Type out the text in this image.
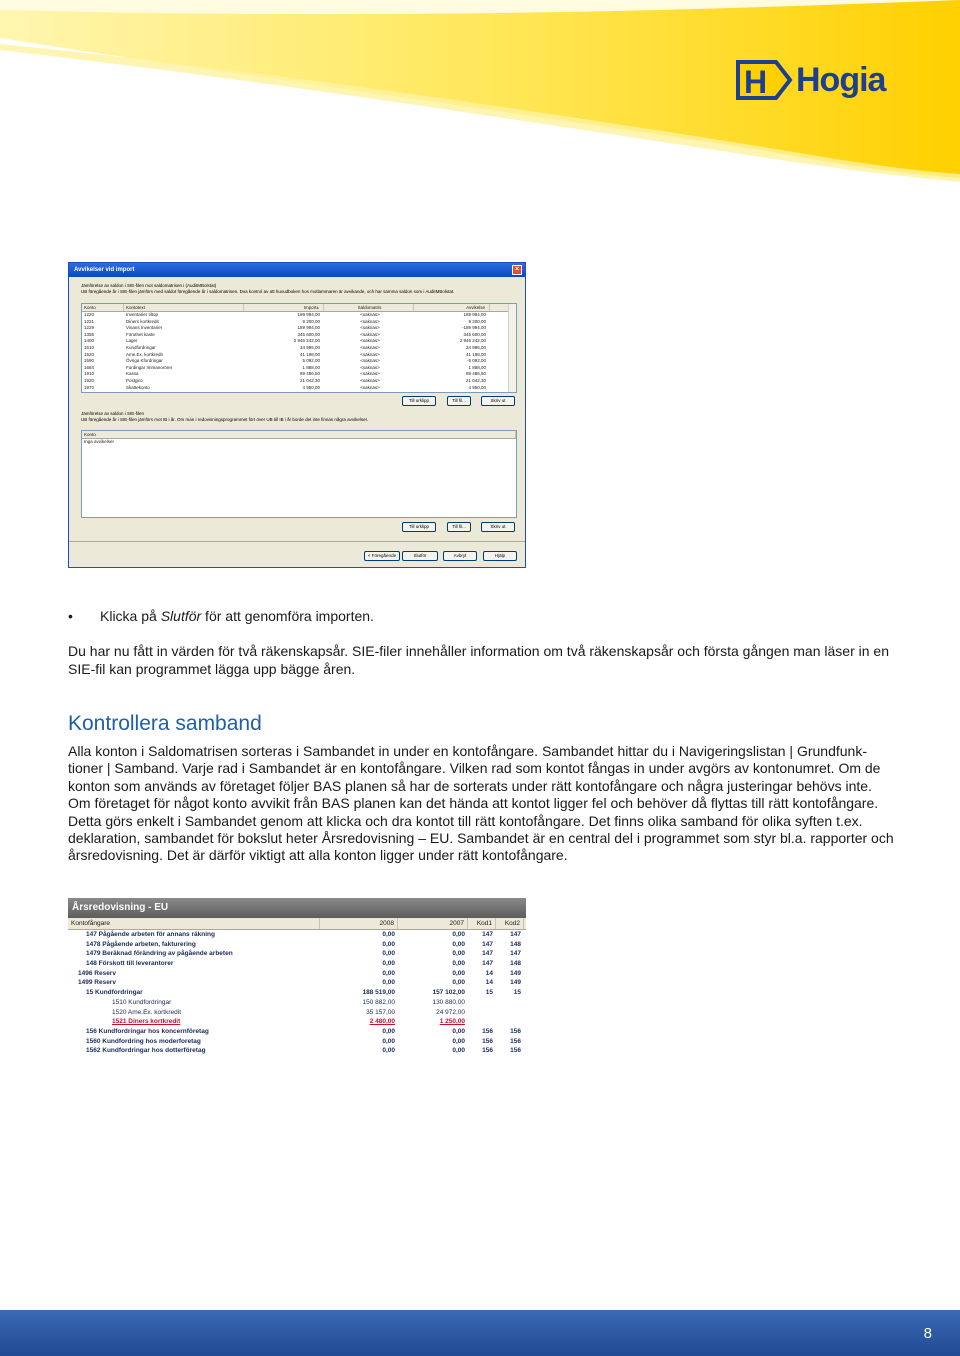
H Hogia
Avvikelser vid import	×
Jämförelse av saldon i SIE-filen mot saldomatrisen i (AuditMBolstat)
UB föregående år i SIE-filen jämförs med saldot föregående år i saldomatrisen. Dva kontrol av att huvudboken hos motlammaren är avvikande, och har samma saldon som i AuditMBolstat.
Konto	Kontotext	Import±	Saldomatris	Avvikelse
1220	Inventarier tiltop	189 994,00	<saknas>	189 994,00
1221	Diners kortkredit	9 200,00	<saknas>	9 200,00
1229	Vinans Inventarier	189 994,00	<saknas>	-189 994,00
1355	Föruthet kaste	345 600,00	<saknas>	345 600,00
1400	Lager	2 946 242,00	<saknas>	2 946 242,00
1510	Kundfordringar	34 995,00	<saknas>	34 995,00
1520	Ame.Ex. kortkredit	41 198,00	<saknas>	41 198,00
1590	Övriga Kfordringar	5 092,00	<saknas>	-5 092,00
1684	Fordingar Immanorörer	1 888,00	<saknas>	1 888,00
1910	Kassa	89 486,50	<saknas>	89 486,50
1920	Postgiro	21 042,30	<saknas>	21 042,30
1970	Skattekonto	4 950,00	<saknas>	4 950,00
Till urklipp	Till fil...	Skriv ut
Jämförelse av saldon i SIE-filen
UB föregående år i SIE-filen jämförs mot IB i år. Om man i redovisningsprogrammet fört över UB till IB i år borde det inte finnas några avvikelser.
Konto
Inga avvikelser
Till urklipp	Till fil...	Skriv ut
< Föregående	Slutför	Avbryt	Hjälp
• Klicka på Slutför för att genomföra importen.

Du har nu fått in värden för två räkenskapsår. SIE-filer innehåller information om två räkenskapsår och första gången man läser in en SIE-fil kan programmet lägga upp bägge åren.

Kontrollera samband

Alla konton i Saldomatrisen sorteras i Sambandet in under en kontofångare. Sambandet hittar du i Navigeringslistan | Grundfunk-tioner | Samband. Varje rad i Sambandet är en kontofångare. Vilken rad som kontot fångas in under avgörs av kontonumret. Om de konton som används av företaget följer BAS planen så har de sorterats under rätt kontofångare och några justeringar behövs inte. Om företaget för något konto avvikit från BAS planen kan det hända att kontot ligger fel och behöver då flyttas till rätt kontofångare. Detta görs enkelt i Sambandet genom att klicka och dra kontot till rätt kontofångare. Det finns olika samband för olika syften t.ex. deklaration, sambandet för bokslut heter Årsredovisning – EU. Sambandet är en central del i programmet som styr bl.a. rapporter och årsredovisning. Det är därför viktigt att alla konton ligger under rätt kontofångare.

Årsredovisning - EU
Kontofångare	2008	2007	Kod1	Kod2
147 Pågående arbeten för annans räkning	0,00	0,00	147	147
1478 Pågående arbeten, fakturering	0,00	0,00	147	148
1479 Beräknad förändring av pågående arbeten	0,00	0,00	147	147
148 Förskott till leverantorer	0,00	0,00	147	148
1496 Reserv	0,00	0,00	14	149
1499 Reserv	0,00	0,00	14	149
15 Kundfordringar	188 519,00	157 102,00	15	15
1510 Kundfordringar	150 882,00	130 880,00
1520 Ame.Ex. kortkredit	35 157,00	24 972,00
1521 Diners kortkredit	2 480,00	1 250,00
156 Kundfordringar hos koncernföretag	0,00	0,00	156	156
1560 Kundfordring hos moderforetag	0,00	0,00	156	156
1562 Kundfordringar hos dotterföretag	0,00	0,00	156	156
8
